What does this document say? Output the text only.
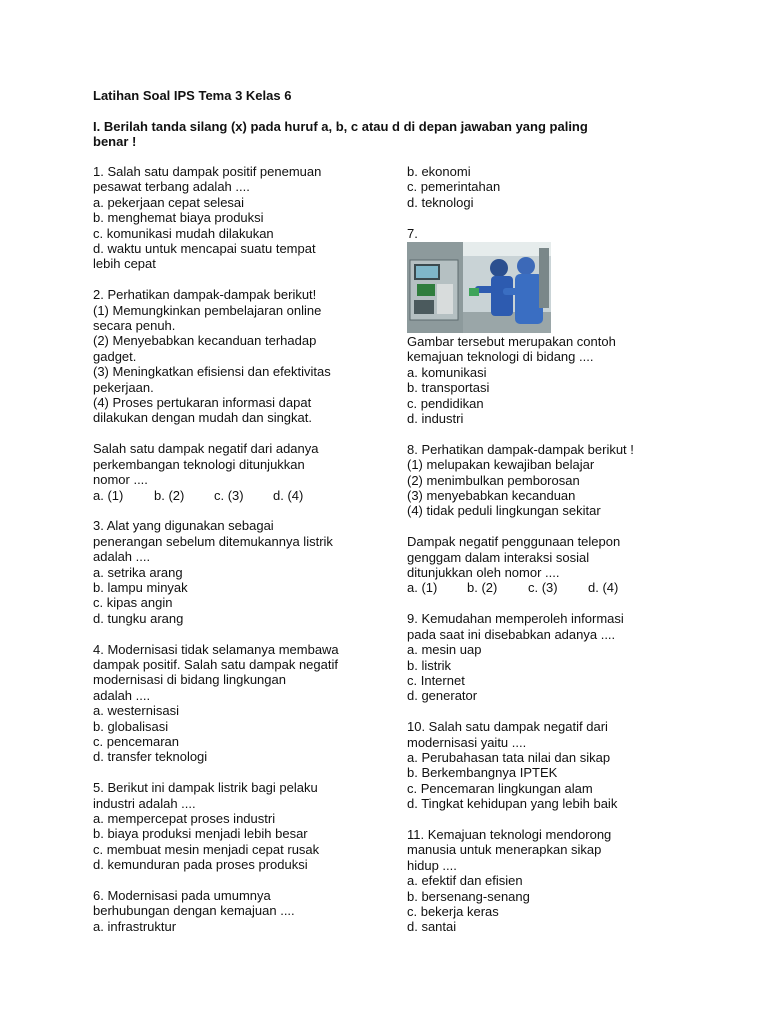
Latihan Soal IPS Tema 3 Kelas 6

I. Berilah tanda silang (x) pada huruf a, b, c atau d di depan jawaban yang paling
benar !

1. Salah satu dampak positif penemuan
pesawat terbang adalah ....
a. pekerjaan cepat selesai
b. menghemat biaya produksi
c. komunikasi mudah dilakukan
d. waktu untuk mencapai suatu tempat
lebih cepat
2. Perhatikan dampak-dampak berikut!
(1) Memungkinkan pembelajaran online
secara penuh.
(2) Menyebabkan kecanduan terhadap
gadget.
(3) Meningkatkan efisiensi dan efektivitas
pekerjaan.
(4) Proses pertukaran informasi dapat
dilakukan dengan mudah dan singkat.
Salah satu dampak negatif dari adanya
perkembangan teknologi ditunjukkan
nomor ....
a. (1) b. (2) c. (3) d. (4)
3. Alat yang digunakan sebagai
penerangan sebelum ditemukannya listrik
adalah ....
a. setrika arang
b. lampu minyak
c. kipas angin
d. tungku arang
4. Modernisasi tidak selamanya membawa
dampak positif. Salah satu dampak negatif
modernisasi di bidang lingkungan
adalah ....
a. westernisasi
b. globalisasi
c. pencemaran
d. transfer teknologi
5. Berikut ini dampak listrik bagi pelaku
industri adalah ....
a. mempercepat proses industri
b. biaya produksi menjadi lebih besar
c. membuat mesin menjadi cepat rusak
d. kemunduran pada proses produksi
6. Modernisasi pada umumnya
berhubungan dengan kemajuan ....
a. infrastruktur
b. ekonomi
c. pemerintahan
d. teknologi
7.
Gambar tersebut merupakan contoh
kemajuan teknologi di bidang ....
a. komunikasi
b. transportasi
c. pendidikan
d. industri
8. Perhatikan dampak-dampak berikut !
(1) melupakan kewajiban belajar
(2) menimbulkan pemborosan
(3) menyebabkan kecanduan
(4) tidak peduli lingkungan sekitar
Dampak negatif penggunaan telepon
genggam dalam interaksi sosial
ditunjukkan oleh nomor ....
a. (1) b. (2) c. (3) d. (4)
9. Kemudahan memperoleh informasi
pada saat ini disebabkan adanya ....
a. mesin uap
b. listrik
c. Internet
d. generator
10. Salah satu dampak negatif dari
modernisasi yaitu ....
a. Perubahasan tata nilai dan sikap
b. Berkembangnya IPTEK
c. Pencemaran lingkungan alam
d. Tingkat kehidupan yang lebih baik
11. Kemajuan teknologi mendorong
manusia untuk menerapkan sikap
hidup ....
a. efektif dan efisien
b. bersenang-senang
c. bekerja keras
d. santai
